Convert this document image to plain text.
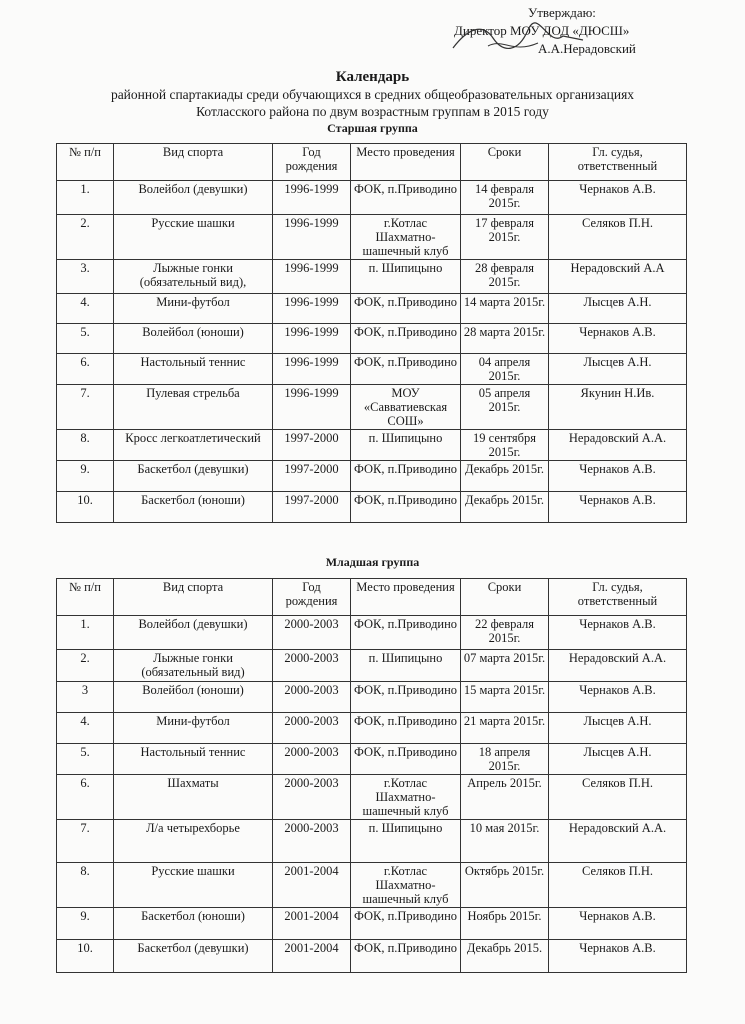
Утверждаю:
Директор МОУ ДОД «ДЮСШ»
А.А.Нерадовский
Календарь
районной спартакиады среди обучающихся в средних общеобразовательных организациях
Котласского района по двум возрастным группам в 2015 году
Старшая группа
№ п/п	Вид спорта	Год рождения	Место проведения	Сроки	Гл. судья, ответственный
1.	Волейбол (девушки)	1996-1999	ФОК, п.Приводино	14 февраля 2015г.	Чернаков А.В.
2.	Русские шашки	1996-1999	г.Котлас Шахматно-шашечный клуб	17 февраля 2015г.	Селяков П.Н.
3.	Лыжные гонки (обязательный вид),	1996-1999	п. Шипицыно	28 февраля 2015г.	Нерадовский А.А
4.	Мини-футбол	1996-1999	ФОК, п.Приводино	14 марта 2015г.	Лысцев А.Н.
5.	Волейбол (юноши)	1996-1999	ФОК, п.Приводино	28 марта 2015г.	Чернаков А.В.
6.	Настольный теннис	1996-1999	ФОК, п.Приводино	04 апреля 2015г.	Лысцев А.Н.
7.	Пулевая стрельба	1996-1999	МОУ «Савватиевская СОШ»	05 апреля 2015г.	Якунин Н.Ив.
8.	Кросс легкоатлетический	1997-2000	п. Шипицыно	19 сентября 2015г.	Нерадовский А.А.
9.	Баскетбол (девушки)	1997-2000	ФОК, п.Приводино	Декабрь 2015г.	Чернаков А.В.
10.	Баскетбол (юноши)	1997-2000	ФОК, п.Приводино	Декабрь 2015г.	Чернаков А.В.
Младшая группа
№ п/п	Вид спорта	Год рождения	Место проведения	Сроки	Гл. судья, ответственный
1.	Волейбол (девушки)	2000-2003	ФОК, п.Приводино	22 февраля 2015г.	Чернаков А.В.
2.	Лыжные гонки (обязательный вид)	2000-2003	п. Шипицыно	07 марта 2015г.	Нерадовский А.А.
3	Волейбол (юноши)	2000-2003	ФОК, п.Приводино	15 марта 2015г.	Чернаков А.В.
4.	Мини-футбол	2000-2003	ФОК, п.Приводино	21 марта 2015г.	Лысцев А.Н.
5.	Настольный теннис	2000-2003	ФОК, п.Приводино	18 апреля 2015г.	Лысцев А.Н.
6.	Шахматы	2000-2003	г.Котлас Шахматно-шашечный клуб	Апрель 2015г.	Селяков П.Н.
7.	Л/а четырехборье	2000-2003	п. Шипицыно	10 мая 2015г.	Нерадовский А.А.
8.	Русские шашки	2001-2004	г.Котлас Шахматно-шашечный клуб	Октябрь 2015г.	Селяков П.Н.
9.	Баскетбол (юноши)	2001-2004	ФОК, п.Приводино	Ноябрь 2015г.	Чернаков А.В.
10.	Баскетбол (девушки)	2001-2004	ФОК, п.Приводино	Декабрь 2015.	Чернаков А.В.
